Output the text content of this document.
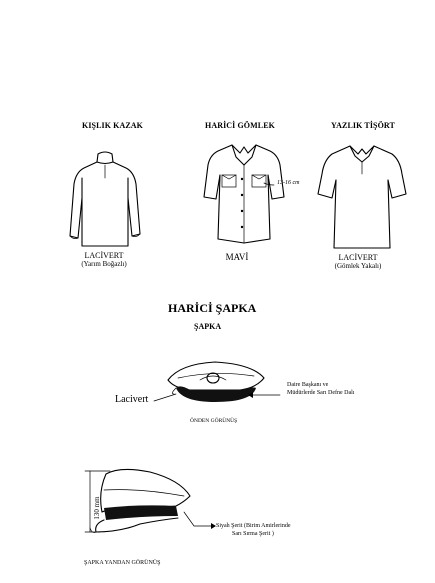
KIŞLIK KAZAK	HARİCİ GÖMLEK	YAZLIK TİŞÖRT
13-16 cm
LACİVERT
(Yarım Boğazlı)
MAVİ	LACİVERT
(Gömlek Yakalı)
HARİCİ ŞAPKA
ŞAPKA
Lacivert
Daire Başkanı ve
Müdürlerde Sarı Defne Dalı
ÖNDEN GÖRÜNÜŞ
130 mm
Siyah Şerit (Birim Amirlerinde
Sarı Sırma Şerit )
ŞAPKA YANDAN GÖRÜNÜŞ
